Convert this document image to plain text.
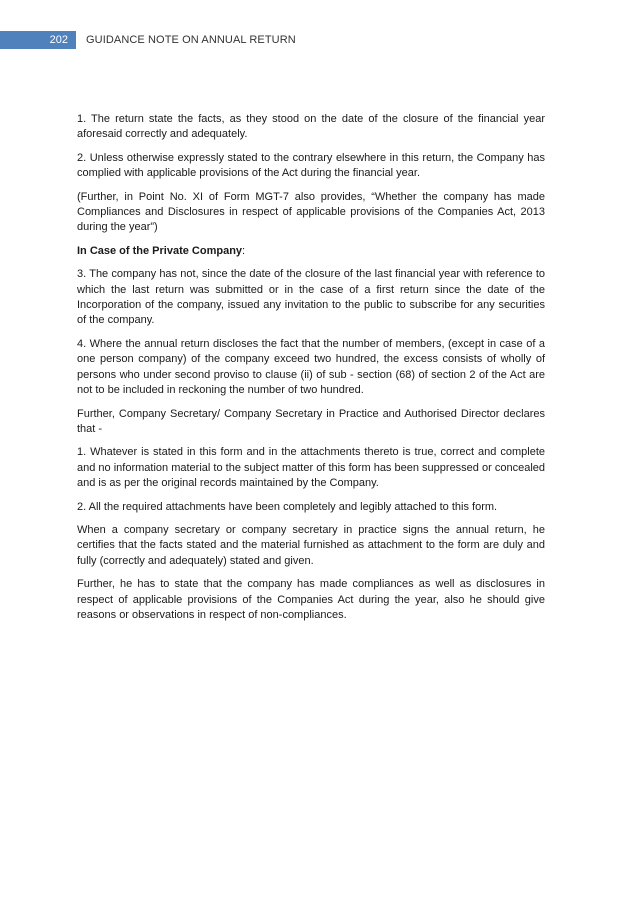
202	GUIDANCE NOTE ON ANNUAL RETURN

1. The return state the facts, as they stood on the date of the closure of the financial year aforesaid correctly and adequately.

2. Unless otherwise expressly stated to the contrary elsewhere in this return, the Company has complied with applicable provisions of the Act during the financial year.

(Further, in Point No. XI of Form MGT-7 also provides, “Whether the company has made Compliances and Disclosures in respect of applicable provisions of the Companies Act, 2013 during the year”)

In Case of the Private Company:

3. The company has not, since the date of the closure of the last financial year with reference to which the last return was submitted or in the case of a first return since the date of the Incorporation of the company, issued any invitation to the public to subscribe for any securities of the company.

4. Where the annual return discloses the fact that the number of members, (except in case of a one person company) of the company exceed two hundred, the excess consists of wholly of persons who under second proviso to clause (ii) of sub - section (68) of section 2 of the Act are not to be included in reckoning the number of two hundred.

Further, Company Secretary/ Company Secretary in Practice and Authorised Director declares that -

1. Whatever is stated in this form and in the attachments thereto is true, correct and complete and no information material to the subject matter of this form has been suppressed or concealed and is as per the original records maintained by the Company.

2. All the required attachments have been completely and legibly attached to this form.

When a company secretary or company secretary in practice signs the annual return, he certifies that the facts stated and the material furnished as attachment to the form are duly and fully (correctly and adequately) stated and given.

Further, he has to state that the company has made compliances as well as disclosures in respect of applicable provisions of the Companies Act during the year, also he should give reasons or observations in respect of non-compliances.
